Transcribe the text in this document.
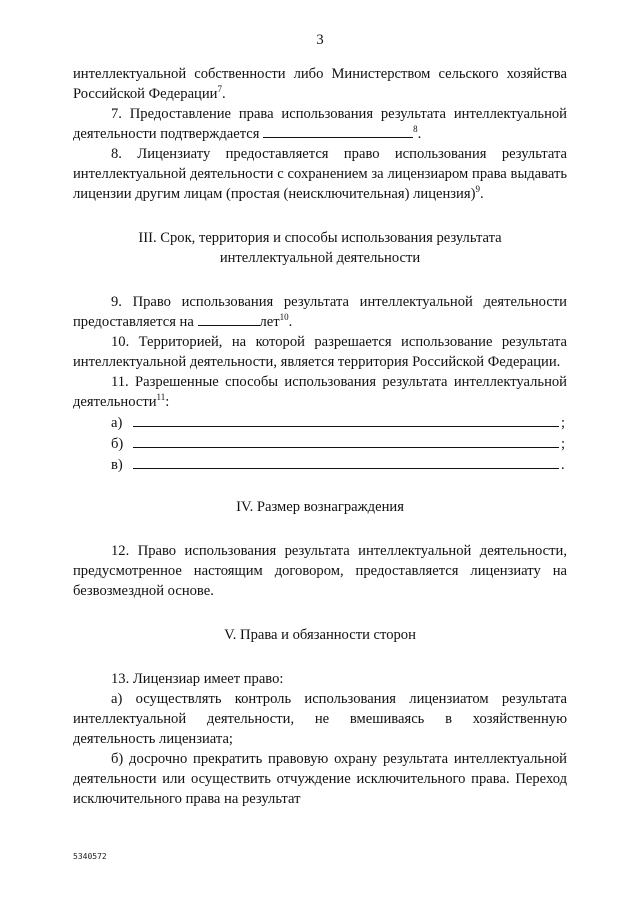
3

интеллектуальной собственности либо Министерством сельского хозяйства Российской Федерации$^7$.

7. Предоставление права использования результата интеллектуальной деятельности подтверждается	$^8$.

8. Лицензиату предоставляется право использования результата интеллектуальной деятельности с сохранением за лицензиаром права выдавать лицензии другим лицам (простая (неисключительная) лицензия)$^9$.

III. Срок, территория и способы использования результата
интеллектуальной деятельности

9. Право использования результата интеллектуальной деятельности предоставляется на	лет$^{10}$.

10. Территорией, на которой разрешается использование результата интеллектуальной деятельности, является территория Российской Федерации.

11. Разрешенные способы использования результата интеллектуальной деятельности$^{11}$:

а)	;
б)	;
в)	.
IV. Размер вознаграждения

12. Право использования результата интеллектуальной деятельности, предусмотренное настоящим договором, предоставляется лицензиату на безвозмездной основе.

V. Права и обязанности сторон

13. Лицензиар имеет право:

а) осуществлять контроль использования лицензиатом результата интеллектуальной деятельности, не вмешиваясь в хозяйственную деятельность лицензиата;

б) досрочно прекратить правовую охрану результата интеллектуальной деятельности или осуществить отчуждение исключительного права. Переход исключительного права на результат

5340572
